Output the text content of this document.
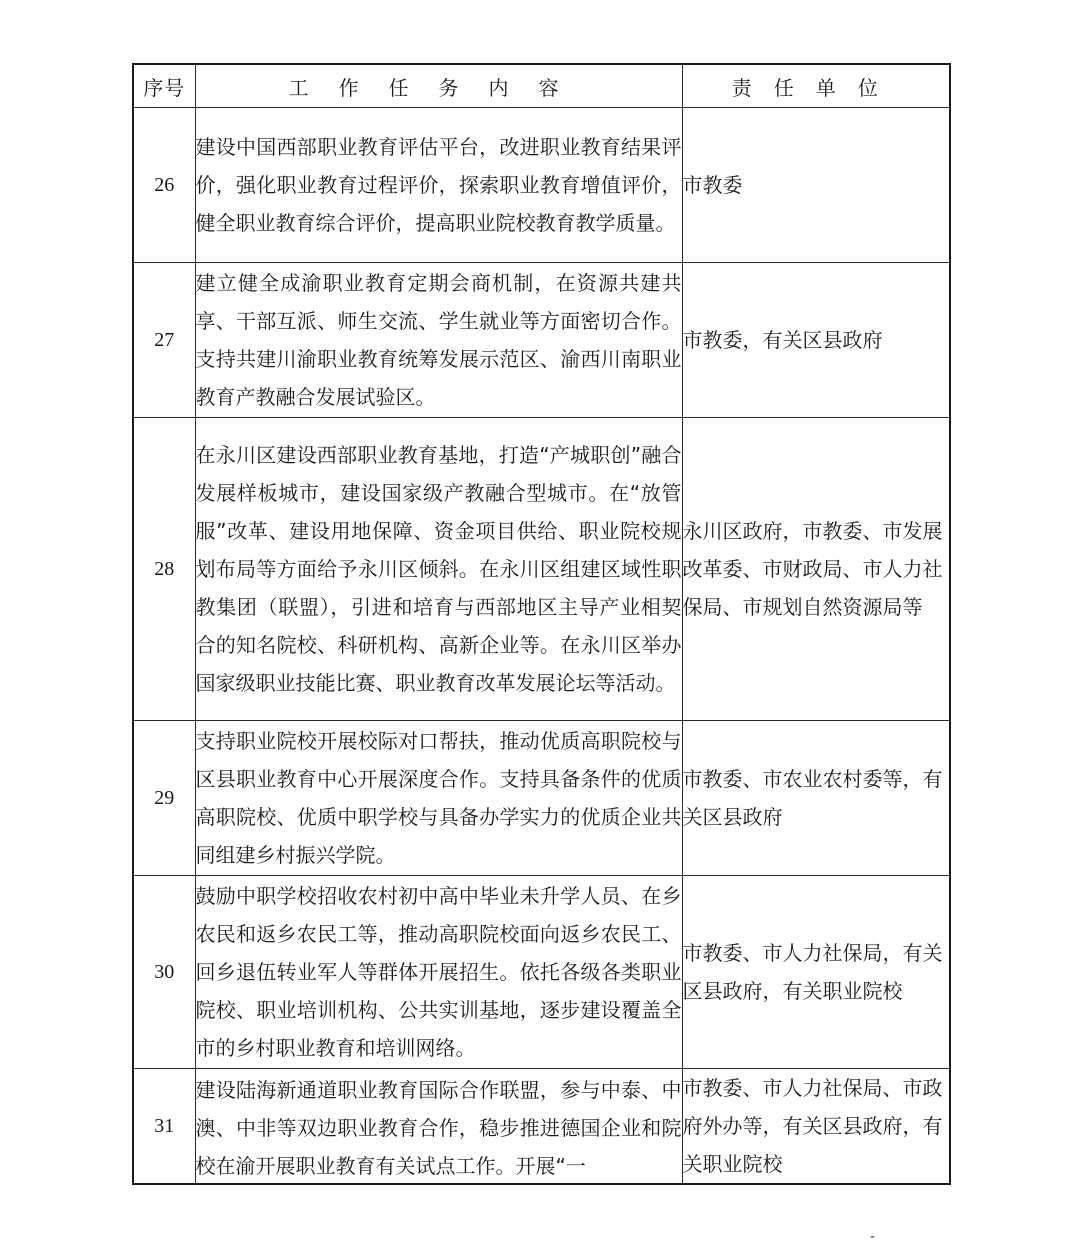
序号	工作任务内容	责任单位
26	建设中国西部职业教育评估平台，改进职业教育结果评价，强化职业教育过程评价，探索职业教育增值评价，健全职业教育综合评价，提高职业院校教育教学质量。	市教委

27	建立健全成渝职业教育定期会商机制，在资源共建共享、干部互派、师生交流、学生就业等方面密切合作。支持共建川渝职业教育统筹发展示范区、渝西川南职业教育产教融合发展试验区。	市教委，有关区县政府

28	在永川区建设西部职业教育基地，打造“产城职创”融合发展样板城市，建设国家级产教融合型城市。在“放管服”改革、建设用地保障、资金项目供给、职业院校规划布局等方面给予永川区倾斜。在永川区组建区域性职教集团（联盟），引进和培育与西部地区主导产业相契合的知名院校、科研机构、高新企业等。在永川区举办国家级职业技能比赛、职业教育改革发展论坛等活动。	永川区政府，市教委、市发展改革委、市财政局、市人力社保局、市规划自然资源局等

29	支持职业院校开展校际对口帮扶，推动优质高职院校与区县职业教育中心开展深度合作。支持具备条件的优质高职院校、优质中职学校与具备办学实力的优质企业共同组建乡村振兴学院。	市教委、市农业农村委等，有关区县政府

30	鼓励中职学校招收农村初中高中毕业未升学人员、在乡农民和返乡农民工等，推动高职院校面向返乡农民工、回乡退伍转业军人等群体开展招生。依托各级各类职业院校、职业培训机构、公共实训基地，逐步建设覆盖全市的乡村职业教育和培训网络。	市教委、市人力社保局，有关区县政府，有关职业院校

31	建设陆海新通道职业教育国际合作联盟，参与中泰、中澳、中非等双边职业教育合作，稳步推进德国企业和院校在渝开展职业教育有关试点工作。开展“一	市教委、市人力社保局、市政府外办等，有关区县政府，有关职业院校
-
